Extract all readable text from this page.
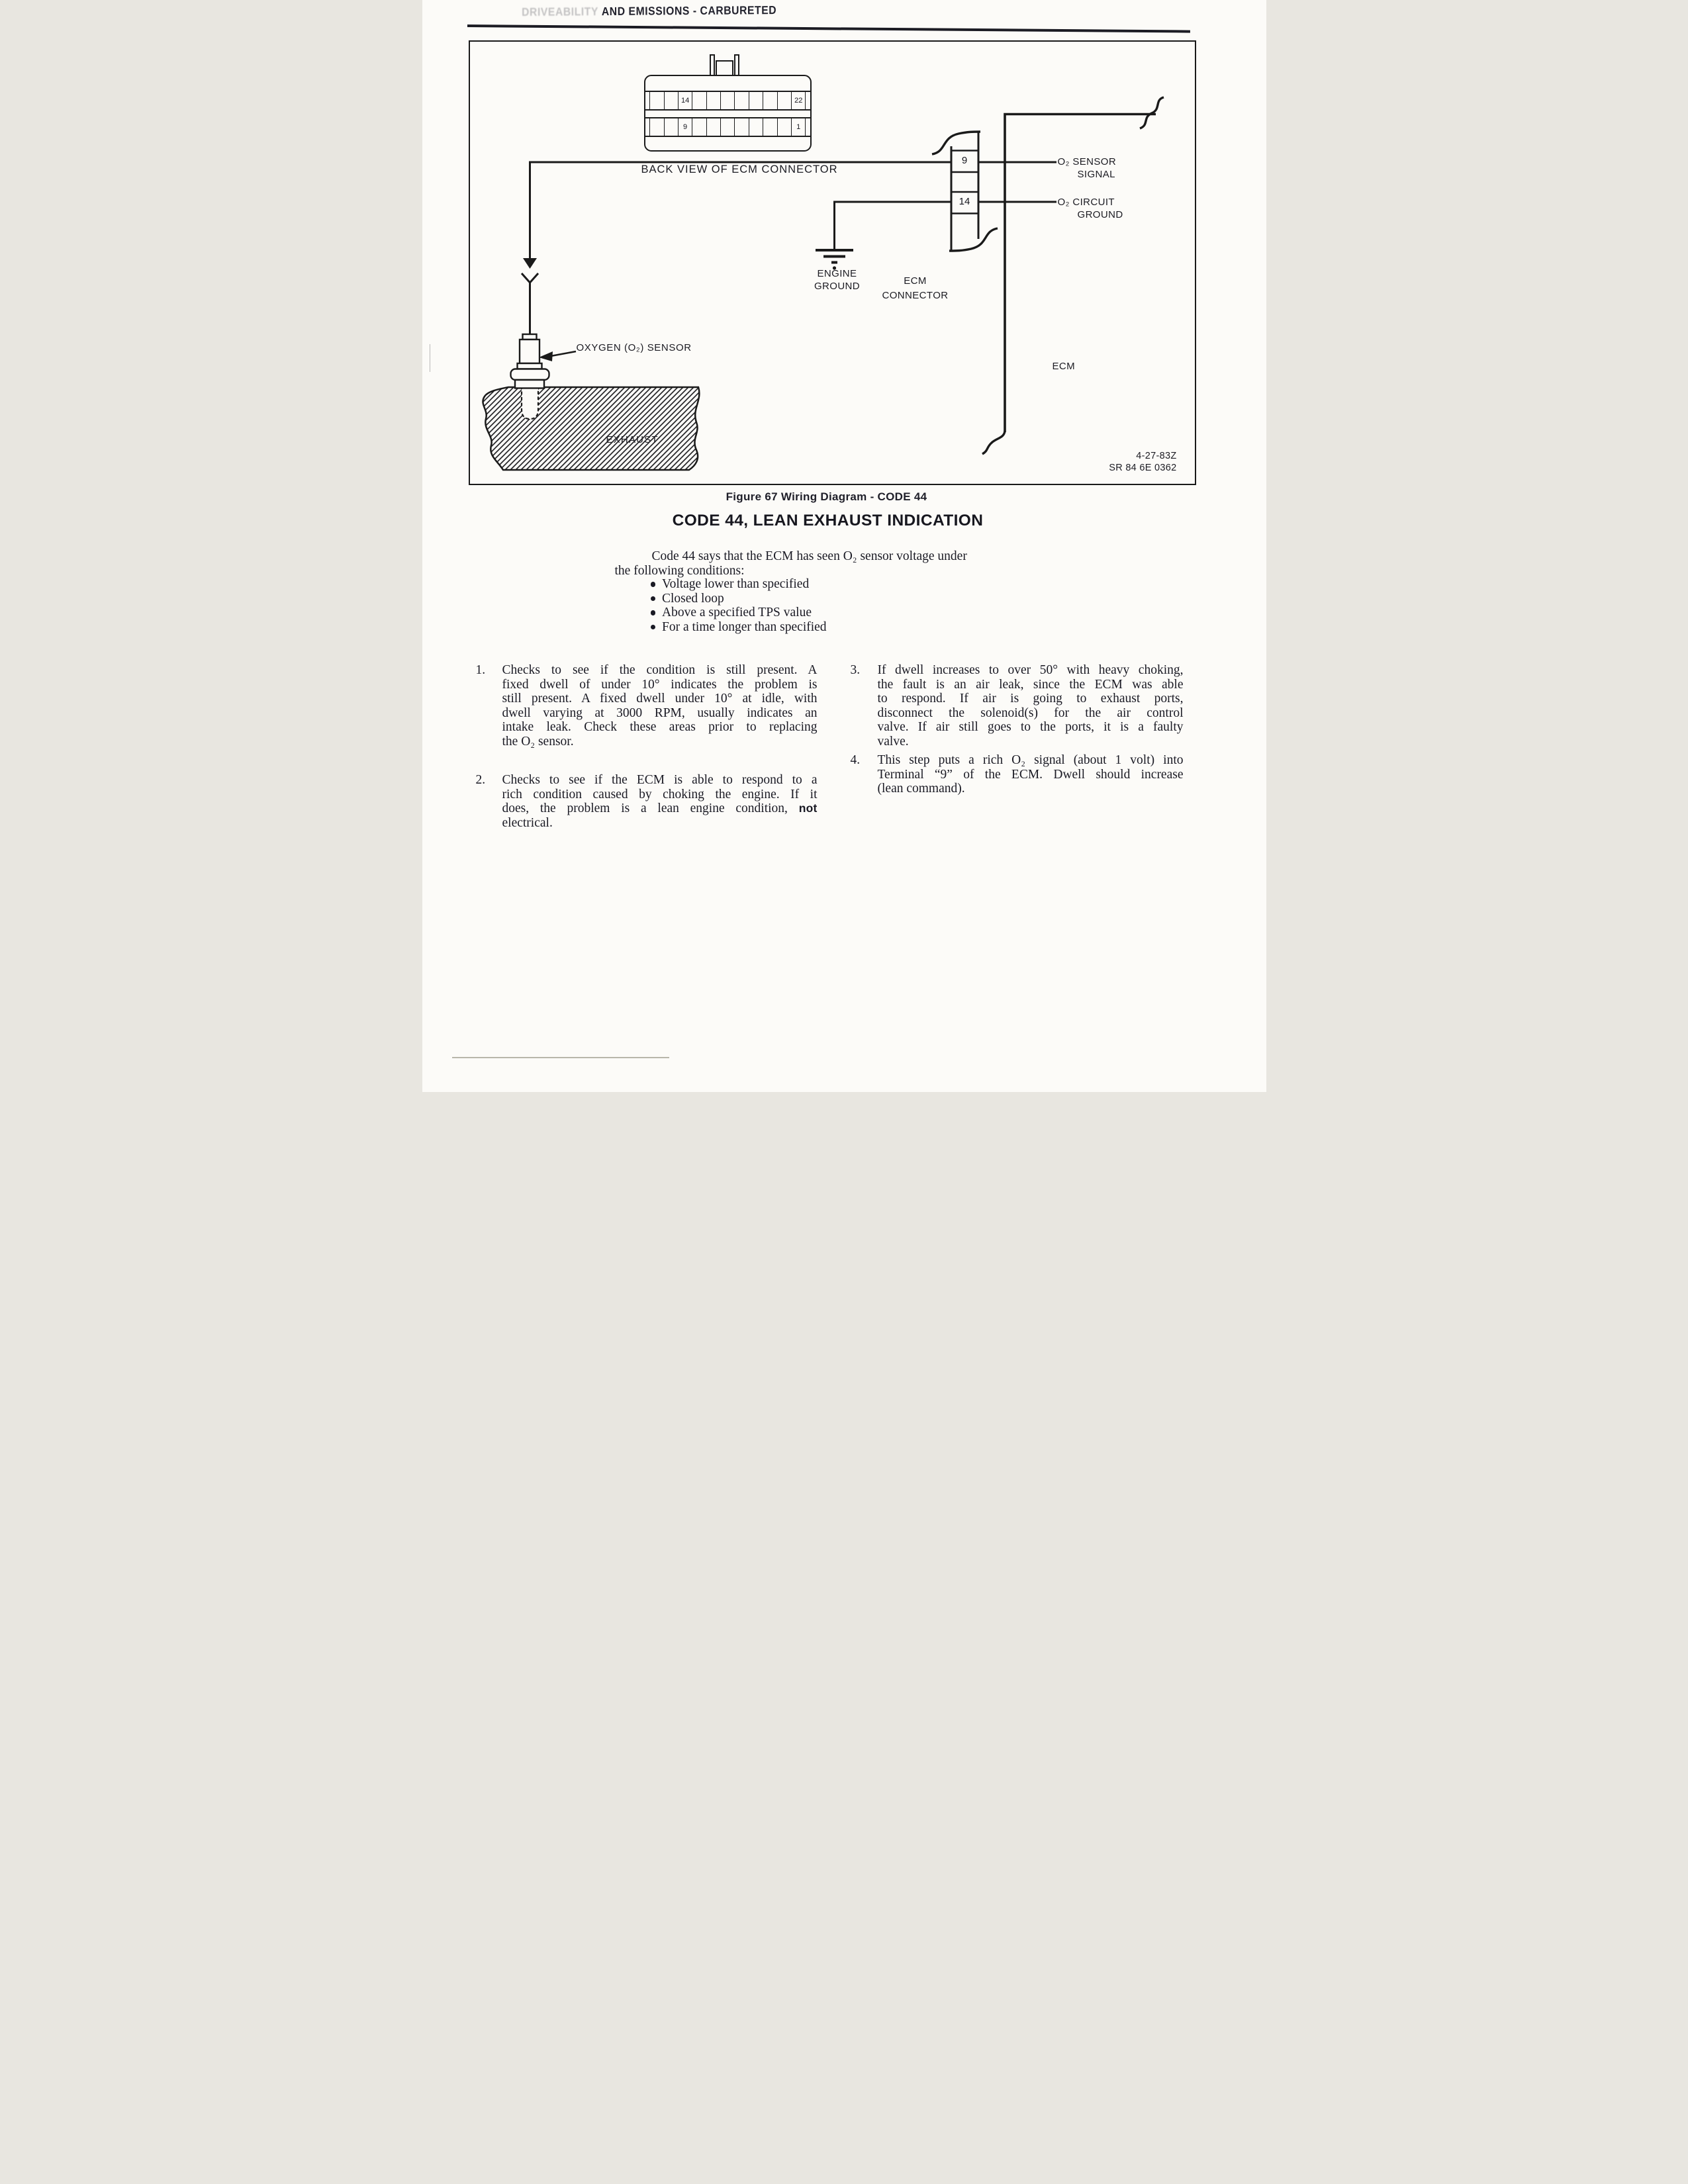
DRIVEABILITY AND EMISSIONS - CARBURETED
14	22
9	1
BACK VIEW OF ECM CONNECTOR
9
14
O₂ SENSOR
SIGNAL
O₂ CIRCUIT
GROUND
ENGINE
GROUND	ECM
CONNECTOR
ECM
OXYGEN (O₂) SENSOR
EXHAUST
4-27-83Z
SR 84 6E 0362
Figure 67 Wiring Diagram - CODE 44
CODE 44, LEAN EXHAUST INDICATION
Code 44 says that the ECM has seen O₂ sensor voltage under
the following conditions:
Voltage lower than specified
Closed loop
Above a specified TPS value
For a time longer than specified
1.	Checks to see if the condition is still present. A
fixed dwell of under 10° indicates the problem is
still present. A fixed dwell under 10° at idle, with
dwell varying at 3000 RPM, usually indicates an
intake leak. Check these areas prior to replacing
the O₂ sensor.
2.	Checks to see if the ECM is able to respond to a
rich condition caused by choking the engine. If it
does, the problem is a lean engine condition, not
electrical.
3.	If dwell increases to over 50° with heavy choking,
the fault is an air leak, since the ECM was able
to respond. If air is going to exhaust ports,
disconnect the solenoid(s) for the air control
valve. If air still goes to the ports, it is a faulty
valve.
4.	This step puts a rich O₂ signal (about 1 volt) into
Terminal “9” of the ECM. Dwell should increase
(lean command).
